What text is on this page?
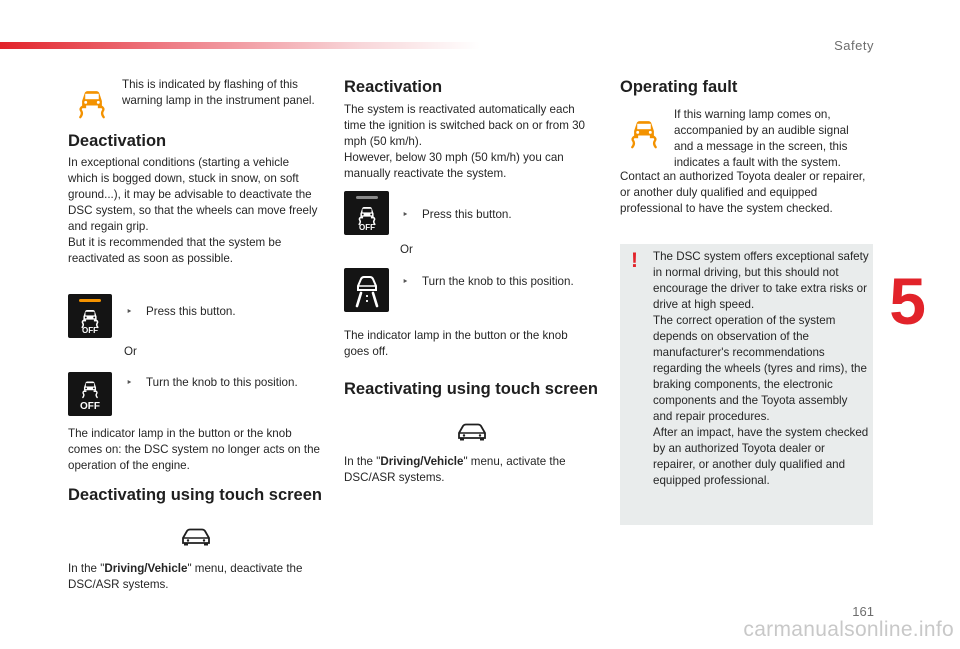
Safety
5
161
carmanualsonline.info
This is indicated by flashing of this warning lamp in the instrument panel.
Deactivation
In exceptional conditions (starting a vehicle which is bogged down, stuck in snow, on soft ground...), it may be advisable to deactivate the DSC system, so that the wheels can move freely and regain grip.
But it is recommended that the system be reactivated as soon as possible.
OFF
‣ Press this button.
Or
OFF
‣ Turn the knob to this position.
The indicator lamp in the button or the knob comes on: the DSC system no longer acts on the operation of the engine.
Deactivating using touch screen
In the "Driving/Vehicle" menu, deactivate the DSC/ASR systems.
Reactivation
The system is reactivated automatically each time the ignition is switched back on or from 30 mph (50 km/h).
However, below 30 mph (50 km/h) you can manually reactivate the system.
OFF
‣ Press this button.
Or
‣ Turn the knob to this position.
The indicator lamp in the button or the knob goes off.
Reactivating using touch screen
In the "Driving/Vehicle" menu, activate the DSC/ASR systems.
Operating fault
If this warning lamp comes on, accompanied by an audible signal and a message in the screen, this indicates a fault with the system.
Contact an authorized Toyota dealer or repairer, or another duly qualified and equipped professional to have the system checked.
! The DSC system offers exceptional safety in normal driving, but this should not encourage the driver to take extra risks or drive at high speed.
The correct operation of the system depends on observation of the manufacturer's recommendations regarding the wheels (tyres and rims), the braking components, the electronic components and the Toyota assembly and repair procedures.
After an impact, have the system checked by an authorized Toyota dealer or repairer, or another duly qualified and equipped professional.
